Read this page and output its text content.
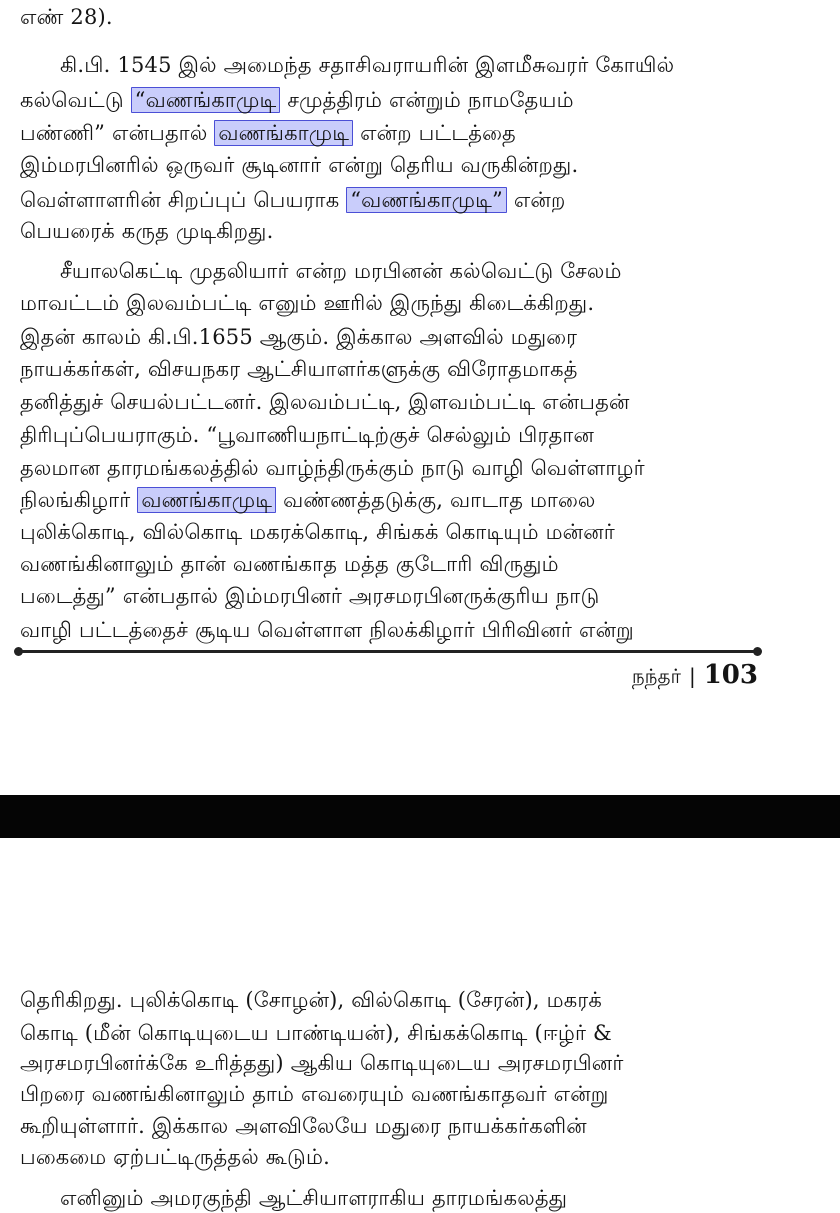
எண் 28).
கி.பி. 1545 இல் அமைந்த சதாசிவராயரின் இளமீசுவரர் கோயில்
கல்வெட்டு “வணங்காமுடி சமுத்திரம் என்றும் நாமதேயம்
பண்ணி” என்பதால் வணங்காமுடி என்ற பட்டத்தை
இம்மரபினரில் ஒருவர் சூடினார் என்று தெரிய வருகின்றது.
வெள்ளாளரின் சிறப்புப் பெயராக “வணங்காமுடி” என்ற
பெயரைக் கருத முடிகிறது.
சீயாலகெட்டி முதலியார் என்ற மரபினன் கல்வெட்டு சேலம்
மாவட்டம் இலவம்பட்டி எனும் ஊரில் இருந்து கிடைக்கிறது.
இதன் காலம் கி.பி.1655 ஆகும். இக்கால அளவில் மதுரை
நாயக்கர்கள், விசயநகர ஆட்சியாளர்களுக்கு விரோதமாகத்
தனித்துச் செயல்பட்டனர். இலவம்பட்டி, இளவம்பட்டி என்பதன்
திரிபுப்பெயராகும். “பூவாணியநாட்டிற்குச் செல்லும் பிரதான
தலமான தாரமங்கலத்தில் வாழ்ந்திருக்கும் நாடு வாழி வெள்ளாழர்
நிலங்கிழார் வணங்காமுடி வண்ணத்தடுக்கு, வாடாத மாலை
புலிக்கொடி, வில்கொடி மகரக்கொடி, சிங்கக் கொடியும் மன்னர்
வணங்கினாலும் தான் வணங்காத மத்த குடோரி விருதும்
படைத்து” என்பதால் இம்மரபினர் அரசமரபினருக்குரிய நாடு
வாழி பட்டத்தைச் சூடிய வெள்ளாள நிலக்கிழார் பிரிவினர் என்று
நந்தர் | 103
தெரிகிறது. புலிக்கொடி (சோழன்), வில்கொடி (சேரன்), மகரக்
கொடி (மீன் கொடியுடைய பாண்டியன்), சிங்கக்கொடி (ஈழ்ர் &
அரசமரபினர்க்கே உரித்தது) ஆகிய கொடியுடைய அரசமரபினர்
பிறரை வணங்கினாலும் தாம் எவரையும் வணங்காதவர் என்று
கூறியுள்ளார். இக்கால அளவிலேயே மதுரை நாயக்கர்களின்
பகைமை ஏற்பட்டிருத்தல் கூடும்.
எனினும் அமரகுந்தி ஆட்சியாளராகிய தாரமங்கலத்து
